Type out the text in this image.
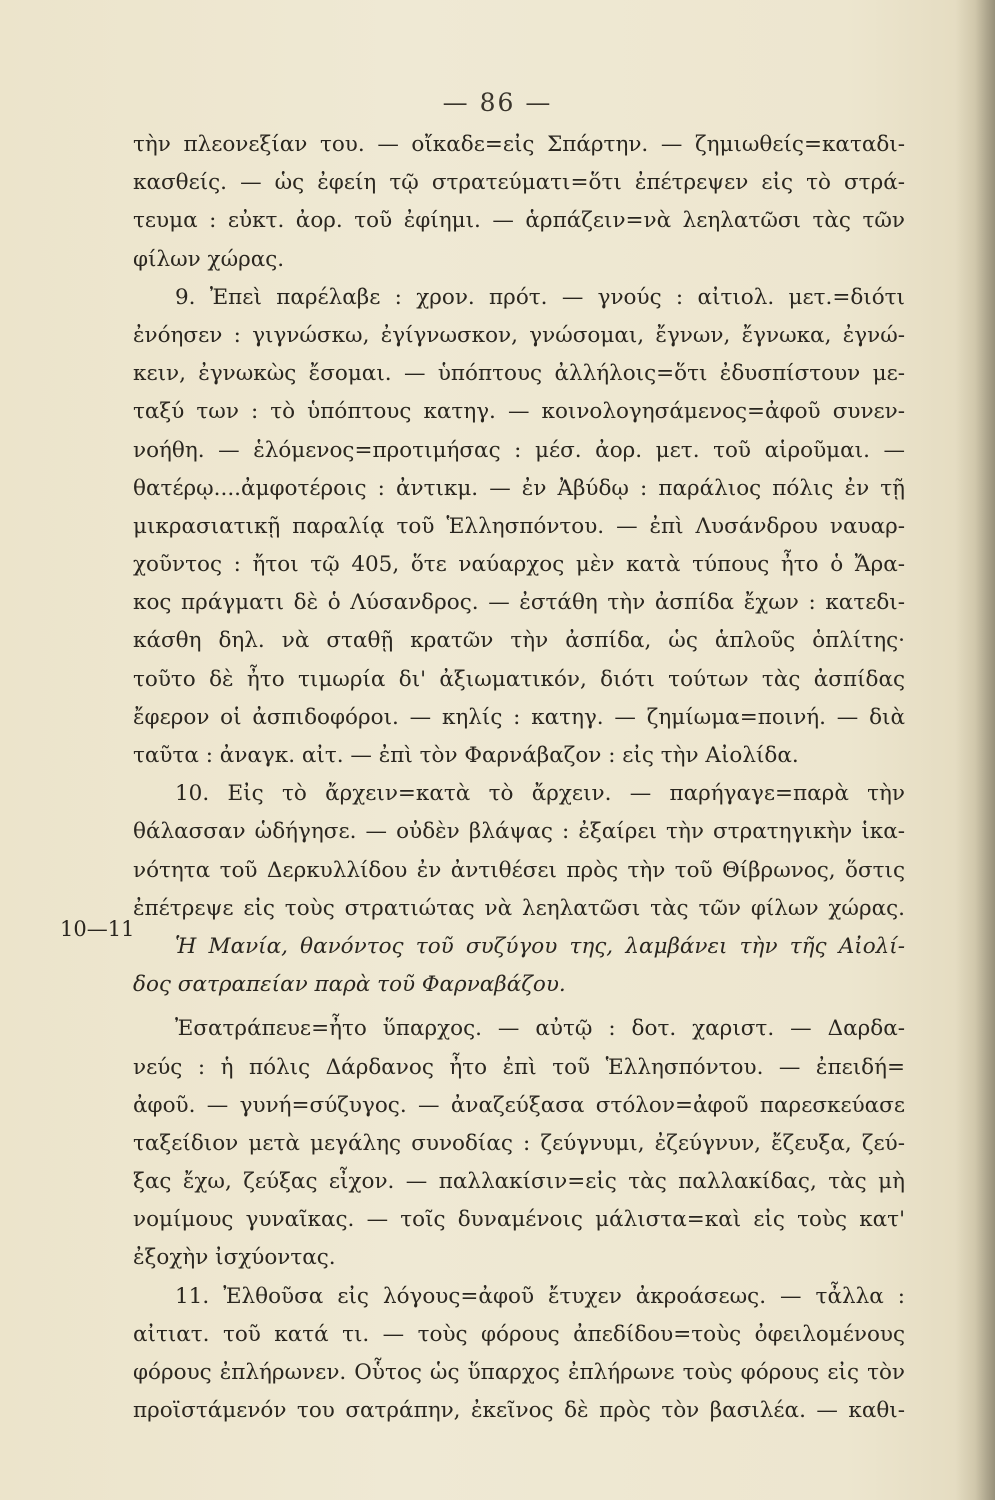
— 86 —
10—11
τὴν πλεονεξίαν του. — οἴκαδε=εἰς Σπάρτην. — ζημιωθείς=καταδι-
κασθείς. — ὡς ἐφείη τῷ στρατεύματι=ὅτι ἐπέτρεψεν εἰς τὸ στρά-
τευμα : εὐκτ. ἀορ. τοῦ ἐφίημι. — ἁρπάζειν=νὰ λεηλατῶσι τὰς τῶν
φίλων χώρας.
9. Ἐπεὶ παρέλαβε : χρον. πρότ. — γνούς : αἰτιολ. μετ.=διότι
ἐνόησεν : γιγνώσκω, ἐγίγνωσκον, γνώσομαι, ἔγνων, ἔγνωκα, ἐγνώ-
κειν, ἐγνωκὼς ἔσομαι. — ὑπόπτους ἀλλήλοις=ὅτι ἐδυσπίστουν με-
ταξύ των : τὸ ὑπόπτους κατηγ. — κοινολογησάμενος=ἀφοῦ συνεν-
νοήθη. — ἑλόμενος=προτιμήσας : μέσ. ἀορ. μετ. τοῦ αἱροῦμαι. —
θατέρῳ....ἀμφοτέροις : ἀντικμ. — ἐν Ἀβύδῳ : παράλιος πόλις ἐν τῇ
μικρασιατικῇ παραλίᾳ τοῦ Ἑλλησπόντου. — ἐπὶ Λυσάνδρου ναυαρ-
χοῦντος : ἤτοι τῷ 405, ὅτε ναύαρχος μὲν κατὰ τύπους ἦτο ὁ Ἄρα-
κος πράγματι δὲ ὁ Λύσανδρος. — ἐστάθη τὴν ἀσπίδα ἔχων : κατεδι-
κάσθη δηλ. νὰ σταθῇ κρατῶν τὴν ἀσπίδα, ὡς ἁπλοῦς ὁπλίτης·
τοῦτο δὲ ἦτο τιμωρία δι' ἀξιωματικόν, διότι τούτων τὰς ἀσπίδας
ἔφερον οἱ ἀσπιδοφόροι. — κηλίς : κατηγ. — ζημίωμα=ποινή. — διὰ
ταῦτα : ἀναγκ. αἰτ. — ἐπὶ τὸν Φαρνάβαζον : εἰς τὴν Αἰολίδα.
10. Εἰς τὸ ἄρχειν=κατὰ τὸ ἄρχειν. — παρήγαγε=παρὰ τὴν
θάλασσαν ὡδήγησε. — οὐδὲν βλάψας : ἐξαίρει τὴν στρατηγικὴν ἱκα-
νότητα τοῦ Δερκυλλίδου ἐν ἀντιθέσει πρὸς τὴν τοῦ Θίβρωνος, ὅστις
ἐπέτρεψε εἰς τοὺς στρατιώτας νὰ λεηλατῶσι τὰς τῶν φίλων χώρας.
Ἡ Μανία, θανόντος τοῦ συζύγου της, λαμβάνει τὴν τῆς Αἰολί-
δος σατραπείαν παρὰ τοῦ Φαρναβάζου.
Ἐσατράπευε=ἦτο ὕπαρχος. — αὐτῷ : δοτ. χαριστ. — Δαρδα-
νεύς : ἡ πόλις Δάρδανος ἦτο ἐπὶ τοῦ Ἑλλησπόντου. — ἐπειδή=
ἀφοῦ. — γυνή=σύζυγος. — ἀναζεύξασα στόλον=ἀφοῦ παρεσκεύασε
ταξείδιον μετὰ μεγάλης συνοδίας : ζεύγνυμι, ἐζεύγνυν, ἔζευξα, ζεύ-
ξας ἔχω, ζεύξας εἶχον. — παλλακίσιν=εἰς τὰς παλλακίδας, τὰς μὴ
νομίμους γυναῖκας. — τοῖς δυναμένοις μάλιστα=καὶ εἰς τοὺς κατ'
ἐξοχὴν ἰσχύοντας.
11. Ἐλθοῦσα εἰς λόγους=ἀφοῦ ἔτυχεν ἀκροάσεως. — τἆλλα :
αἰτιατ. τοῦ κατά τι. — τοὺς φόρους ἀπεδίδου=τοὺς ὀφειλομένους
φόρους ἐπλήρωνεν. Οὗτος ὡς ὕπαρχος ἐπλήρωνε τοὺς φόρους εἰς τὸν
προϊστάμενόν του σατράπην, ἐκεῖνος δὲ πρὸς τὸν βασιλέα. — καθι-
